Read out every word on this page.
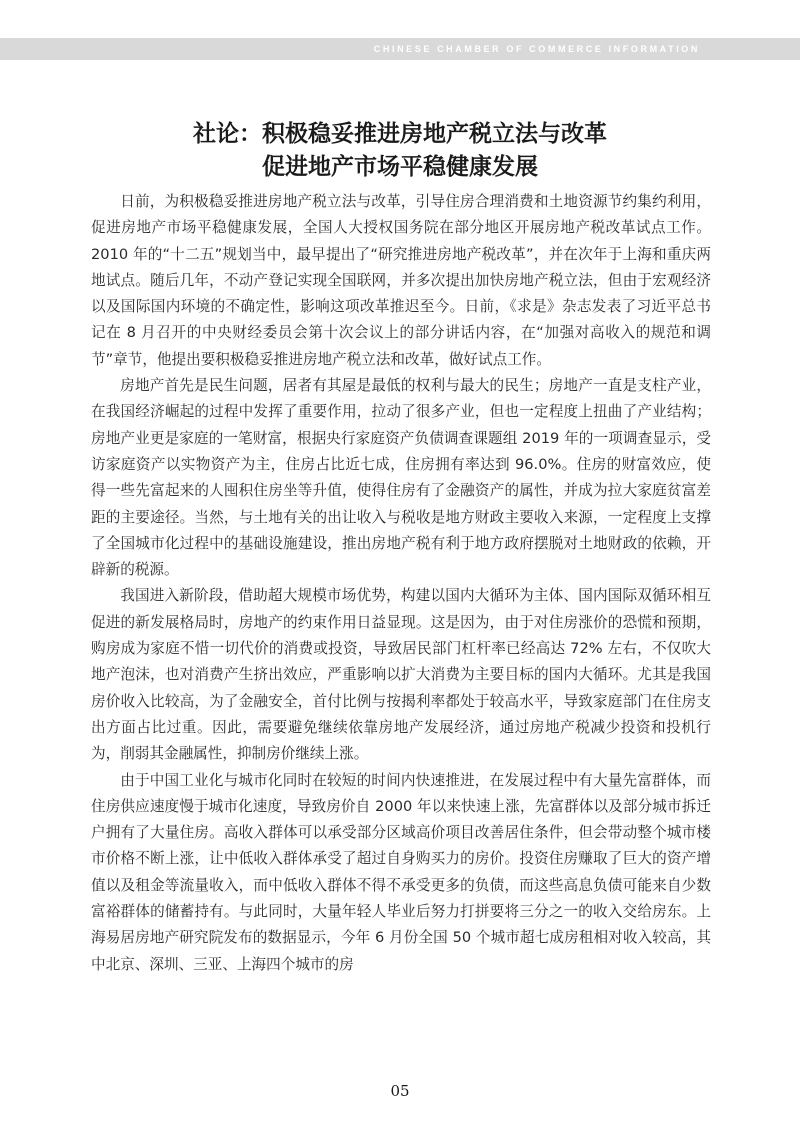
CHINESE CHAMBER OF COMMERCE INFORMATION
社论：积极稳妥推进房地产税立法与改革
促进地产市场平稳健康发展

日前，为积极稳妥推进房地产税立法与改革，引导住房合理消费和土地资源节约集约利用，促进房地产市场平稳健康发展，全国人大授权国务院在部分地区开展房地产税改革试点工作。2010 年的“十二五”规划当中，最早提出了“研究推进房地产税改革”，并在次年于上海和重庆两地试点。随后几年，不动产登记实现全国联网，并多次提出加快房地产税立法，但由于宏观经济以及国际国内环境的不确定性，影响这项改革推迟至今。日前，《求是》杂志发表了习近平总书记在 8 月召开的中央财经委员会第十次会议上的部分讲话内容，在“加强对高收入的规范和调节”章节，他提出要积极稳妥推进房地产税立法和改革，做好试点工作。

房地产首先是民生问题，居者有其屋是最低的权利与最大的民生；房地产一直是支柱产业，在我国经济崛起的过程中发挥了重要作用，拉动了很多产业，但也一定程度上扭曲了产业结构；房地产业更是家庭的一笔财富，根据央行家庭资产负债调查课题组 2019 年的一项调查显示，受访家庭资产以实物资产为主，住房占比近七成，住房拥有率达到 96.0%。住房的财富效应，使得一些先富起来的人囤积住房坐等升值，使得住房有了金融资产的属性，并成为拉大家庭贫富差距的主要途径。当然，与土地有关的出让收入与税收是地方财政主要收入来源，一定程度上支撑了全国城市化过程中的基础设施建设，推出房地产税有利于地方政府摆脱对土地财政的依赖，开辟新的税源。

我国进入新阶段，借助超大规模市场优势，构建以国内大循环为主体、国内国际双循环相互促进的新发展格局时，房地产的约束作用日益显现。这是因为，由于对住房涨价的恐慌和预期，购房成为家庭不惜一切代价的消费或投资，导致居民部门杠杆率已经高达 72% 左右，不仅吹大地产泡沫，也对消费产生挤出效应，严重影响以扩大消费为主要目标的国内大循环。尤其是我国房价收入比较高，为了金融安全，首付比例与按揭利率都处于较高水平，导致家庭部门在住房支出方面占比过重。因此，需要避免继续依靠房地产发展经济，通过房地产税减少投资和投机行为，削弱其金融属性，抑制房价继续上涨。

由于中国工业化与城市化同时在较短的时间内快速推进，在发展过程中有大量先富群体，而住房供应速度慢于城市化速度，导致房价自 2000 年以来快速上涨，先富群体以及部分城市拆迁户拥有了大量住房。高收入群体可以承受部分区域高价项目改善居住条件，但会带动整个城市楼市价格不断上涨，让中低收入群体承受了超过自身购买力的房价。投资住房赚取了巨大的资产增值以及租金等流量收入，而中低收入群体不得不承受更多的负债，而这些高息负债可能来自少数富裕群体的储蓄持有。与此同时，大量年轻人毕业后努力打拼要将三分之一的收入交给房东。上海易居房地产研究院发布的数据显示，今年 6 月份全国 50 个城市超七成房租相对收入较高，其中北京、深圳、三亚、上海四个城市的房

05
